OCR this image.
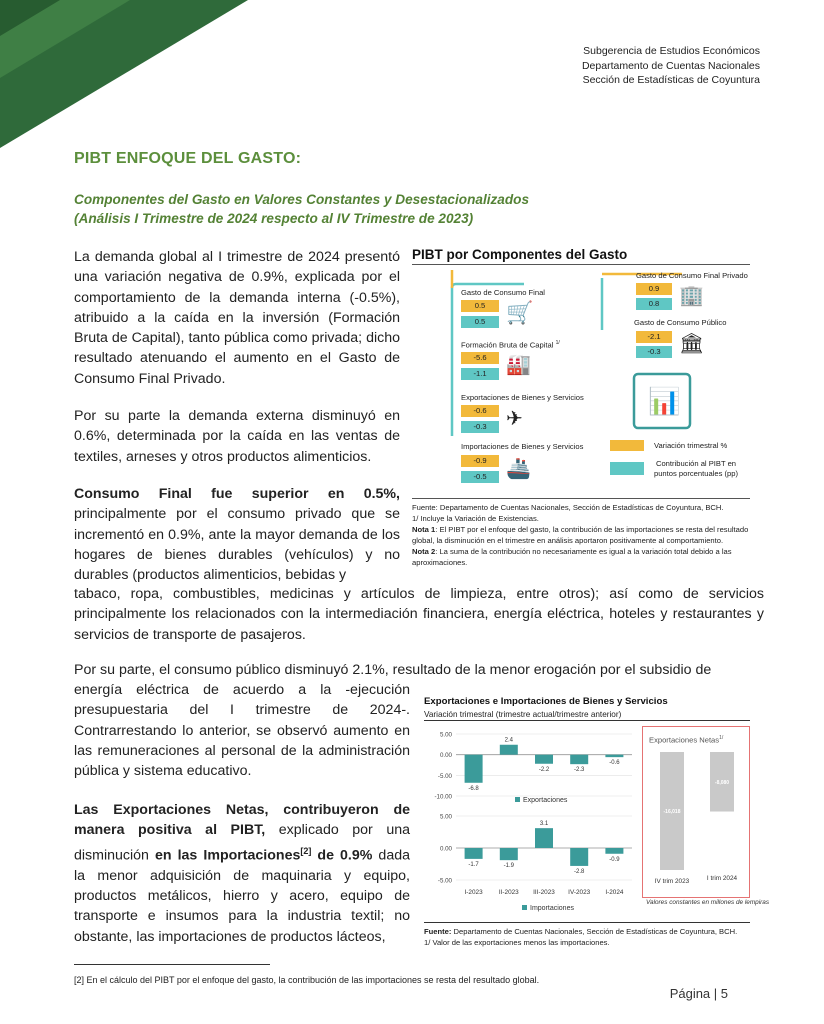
Subgerencia de Estudios Económicos
Departamento de Cuentas Nacionales
Sección de Estadísticas de Coyuntura
PIBT ENFOQUE DEL GASTO:
Componentes del Gasto en Valores Constantes y Desestacionalizados
(Análisis I Trimestre de 2024 respecto al IV Trimestre de 2023)

La demanda global al I trimestre de 2024 presentó una variación negativa de 0.9%, explicada por el comportamiento de la demanda interna (-0.5%), atribuido a la caída en la inversión (Formación Bruta de Capital), tanto pública como privada; dicho resultado atenuando el aumento en el Gasto de Consumo Final Privado.

Por su parte la demanda externa disminuyó en 0.6%, determinada por la caída en las ventas de textiles, arneses y otros productos alimenticios.

Consumo Final fue superior en 0.5%, principalmente por el consumo privado que se incrementó en 0.9%, ante la mayor demanda de los hogares de bienes durables (vehículos) y no durables (productos alimenticios, bebidas y

tabaco, ropa, combustibles, medicinas y artículos de limpieza, entre otros); así como de servicios principalmente los relacionados con la intermediación financiera, energía eléctrica, hoteles y restaurantes y servicios de transporte de pasajeros.

Por su parte, el consumo público disminuyó 2.1%, resultado de la menor erogación por el subsidio de

energía eléctrica de acuerdo a la -ejecución presupuestaria del I trimestre de 2024-. Contrarrestando lo anterior, se observó aumento en las remuneraciones al personal de la administración pública y sistema educativo.

Las Exportaciones Netas, contribuyeron de manera positiva al PIBT, explicado por una disminución en las Importaciones[2] de 0.9% dada la menor adquisición de maquinaria y equipo, productos metálicos, hierro y acero, equipo de transporte e insumos para la industria textil; no obstante, las importaciones de productos lácteos,

PIBT por Componentes del Gasto
Gasto de Consumo Final
0.5
0.5 🛒
Formación Bruta de Capital $^{1/}$
-5.6
-1.1 🏭
Exportaciones de Bienes y Servicios
-0.6
-0.3 ✈
Importaciones de Bienes y Servicios
-0.9
-0.5 🚢
Gasto de Consumo Final Privado
0.9
0.8 🏢
Gasto de Consumo Público
-2.1
-0.3 🏛
📊
Variación trimestral %
Contribución al PIBT en puntos porcentuales (pp)
Fuente: Departamento de Cuentas Nacionales, Sección de Estadísticas de Coyuntura, BCH.
1/ Incluye la Variación de Existencias.
Nota 1: El PIBT por el enfoque del gasto, la contribución de las importaciones se resta del resultado global, la disminución en el trimestre en análisis aportaron positivamente al comportamiento.
Nota 2: La suma de la contribución no necesariamente es igual a la variación total debido a las aproximaciones.
Exportaciones e Importaciones de Bienes y Servicios
Variación trimestral (trimestre actual/trimestre anterior)
5.00
0.00
-5.00
-10.00
-6.8
2.4
-2.2	-2.3
-0.6
Exportaciones
5.00
0.00
-5.00
-1.7	-1.9
3.1
-2.8
-0.9
Importaciones
I-2023	II-2023 III-2023 IV-2023 I-2024
Exportaciones Netas$^{1/}$
-16,018
-8,080
IV trim 2023	I trim 2024
Valores constantes en millones de lempiras
Fuente: Departamento de Cuentas Nacionales, Sección de Estadísticas de Coyuntura, BCH.
1/ Valor de las exportaciones menos las importaciones.
[2] En el cálculo del PIBT por el enfoque del gasto, la contribución de las importaciones se resta del resultado global.
Página | 5
